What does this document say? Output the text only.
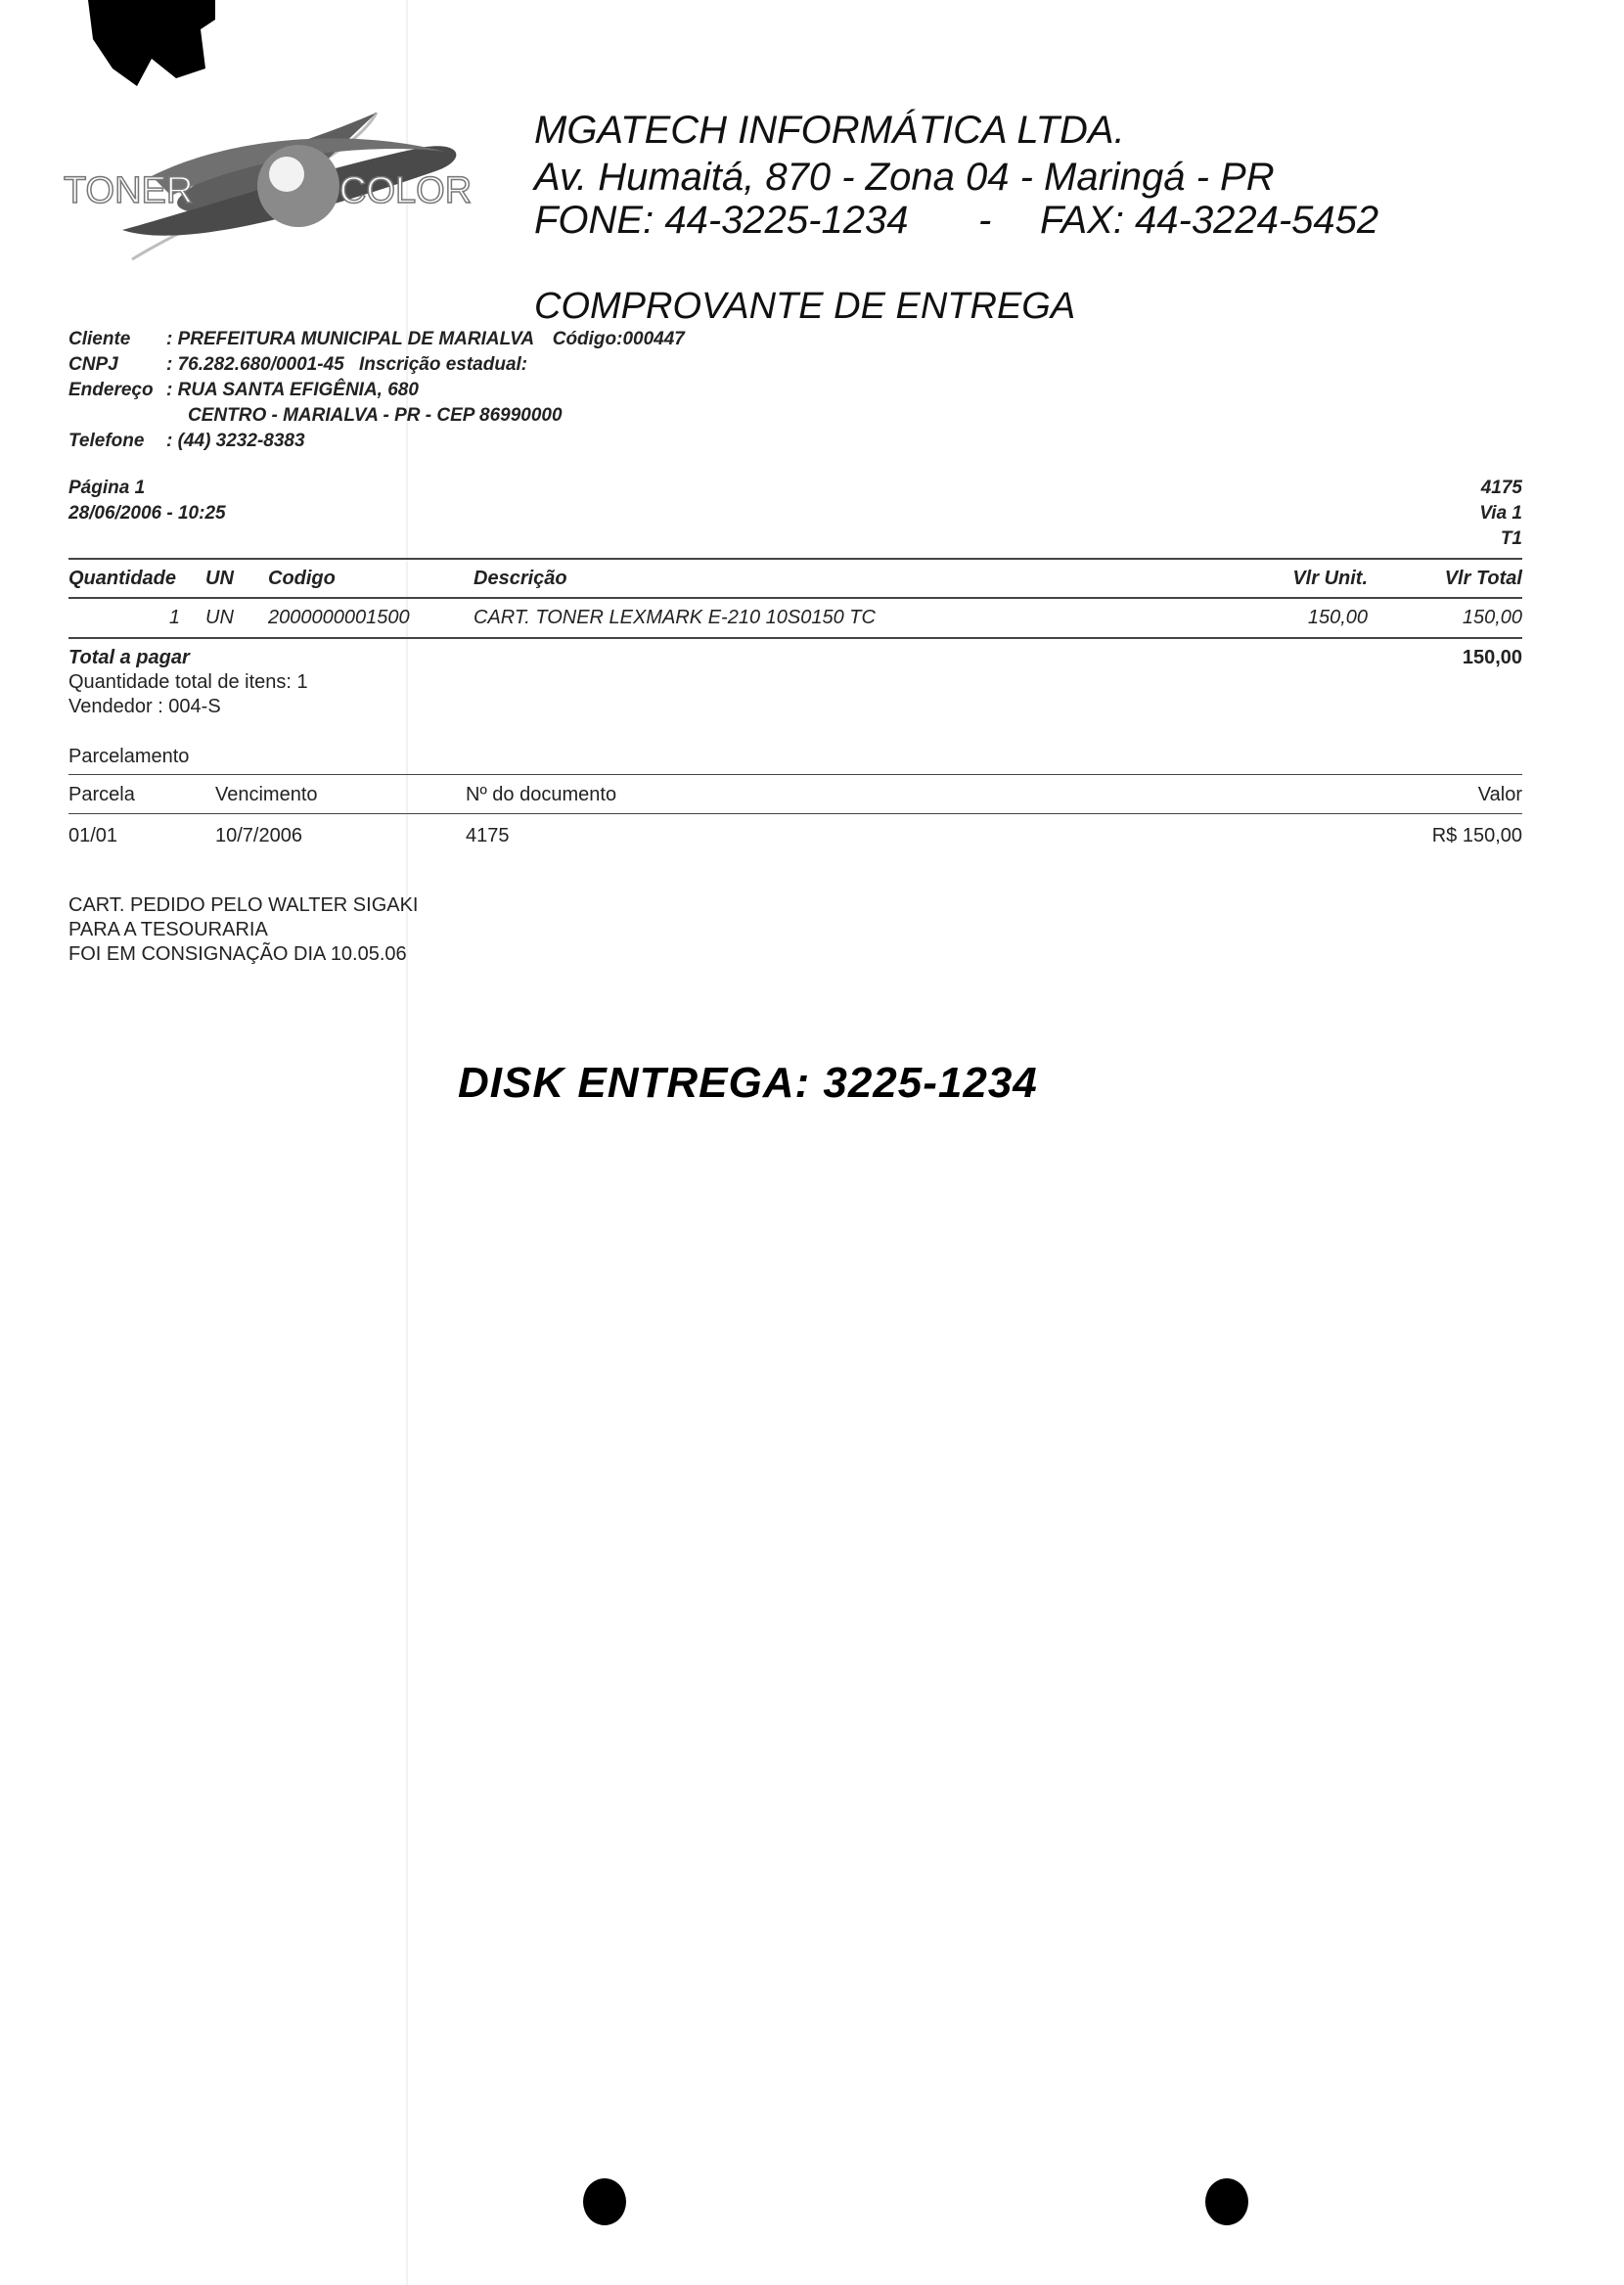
TONER	COLOR
MGATECH INFORMÁTICA LTDA.
Av. Humaitá, 870 - Zona 04 - Maringá - PR
FONE: 44-3225-1234 - FAX: 44-3224-5452
COMPROVANTE DE ENTREGA
Cliente : PREFEITURA MUNICIPAL DE MARIALVA Código:000447
CNPJ	: 76.282.680/0001-45 Inscrição estadual:
Endereço : RUA SANTA EFIGÊNIA, 680
CENTRO - MARIALVA - PR - CEP 86990000
Telefone : (44) 3232-8383
Página 1
28/06/2006 - 10:25
4175
Via 1
T1
Quantidade UN Codigo	Descrição	Vlr Unit.	Vlr Total
1 UN 2000000001500	CART. TONER LEXMARK E-210 10S0150 TC	150,00	150,00
Total a pagar	150,00
Quantidade total de itens: 1
Vendedor : 004-S
Parcelamento
Parcela	Vencimento	Nº do documento	Valor
01/01	10/7/2006	4175	R$ 150,00
CART. PEDIDO PELO WALTER SIGAKI
PARA A TESOURARIA
FOI EM CONSIGNAÇÃO DIA 10.05.06
DISK ENTREGA: 3225-1234
